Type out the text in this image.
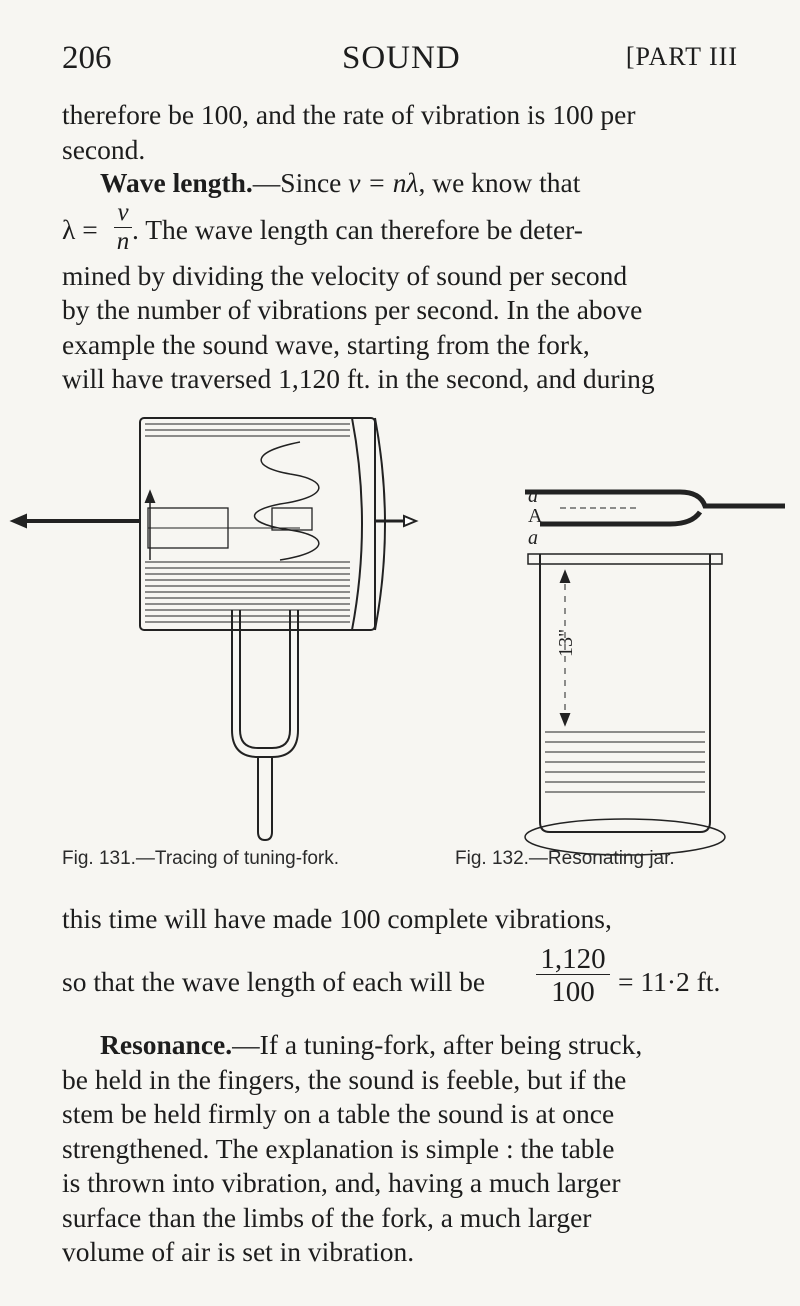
206	SOUND	[PART III
therefore be 100, and the rate of vibration is 100 per
second.
Wave length.—Since v = nλ, we know that
λ =
v
n . The wave length can therefore be deter-
mined by dividing the velocity of sound per second
by the number of vibrations per second. In the above
example the sound wave, starting from the fork,
will have traversed 1,120 ft. in the second, and during
a
A
a
13"
Fig. 131.—Tracing of tuning-fork.	Fig. 132.—Resonating jar.
this time will have made 100 complete vibrations,
so that the wave length of each will be
1,120
100 = 11·2 ft.
Resonance.—If a tuning-fork, after being struck,
be held in the fingers, the sound is feeble, but if the
stem be held firmly on a table the sound is at once
strengthened. The explanation is simple : the table
is thrown into vibration, and, having a much larger
surface than the limbs of the fork, a much larger
volume of air is set in vibration.
